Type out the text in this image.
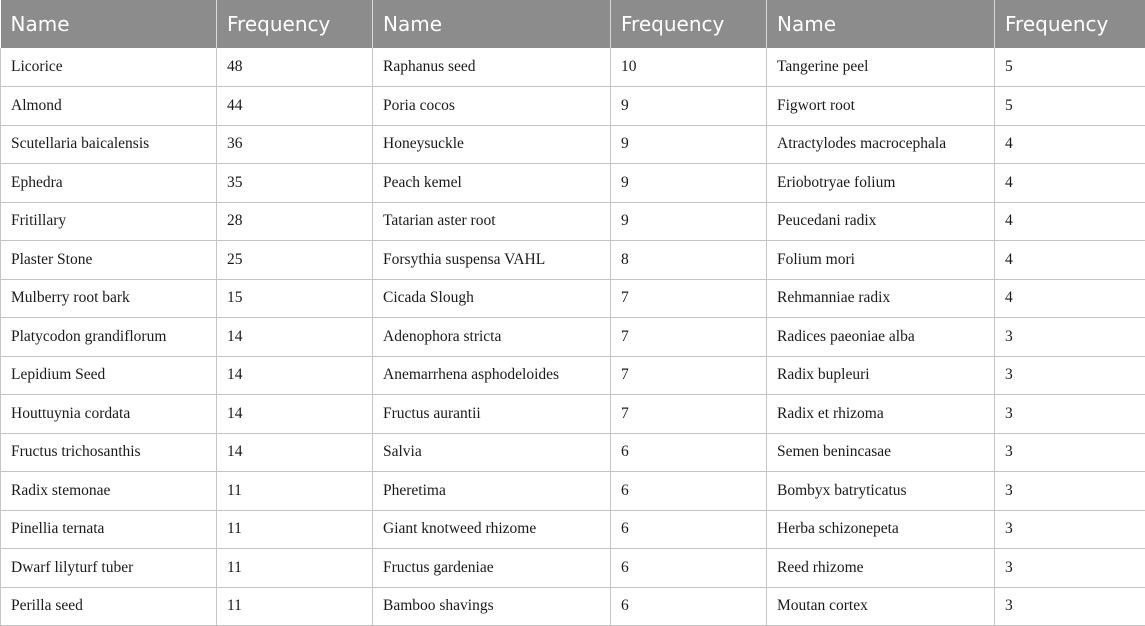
Name	Frequency	Name	Frequency	Name	Frequency
Licorice	48	Raphanus seed	10	Tangerine peel	5
Almond	44	Poria cocos	9	Figwort root	5
Scutellaria baicalensis	36	Honeysuckle	9	Atractylodes macrocephala	4
Ephedra	35	Peach kemel	9	Eriobotryae folium	4
Fritillary	28	Tatarian aster root	9	Peucedani radix	4
Plaster Stone	25	Forsythia suspensa VAHL	8	Folium mori	4
Mulberry root bark	15	Cicada Slough	7	Rehmanniae radix	4
Platycodon grandiflorum	14	Adenophora stricta	7	Radices paeoniae alba	3
Lepidium Seed	14	Anemarrhena asphodeloides	7	Radix bupleuri	3
Houttuynia cordata	14	Fructus aurantii	7	Radix et rhizoma	3
Fructus trichosanthis	14	Salvia	6	Semen benincasae	3
Radix stemonae	11	Pheretima	6	Bombyx batryticatus	3
Pinellia ternata	11	Giant knotweed rhizome	6	Herba schizonepeta	3
Dwarf lilyturf tuber	11	Fructus gardeniae	6	Reed rhizome	3
Perilla seed	11	Bamboo shavings	6	Moutan cortex	3
